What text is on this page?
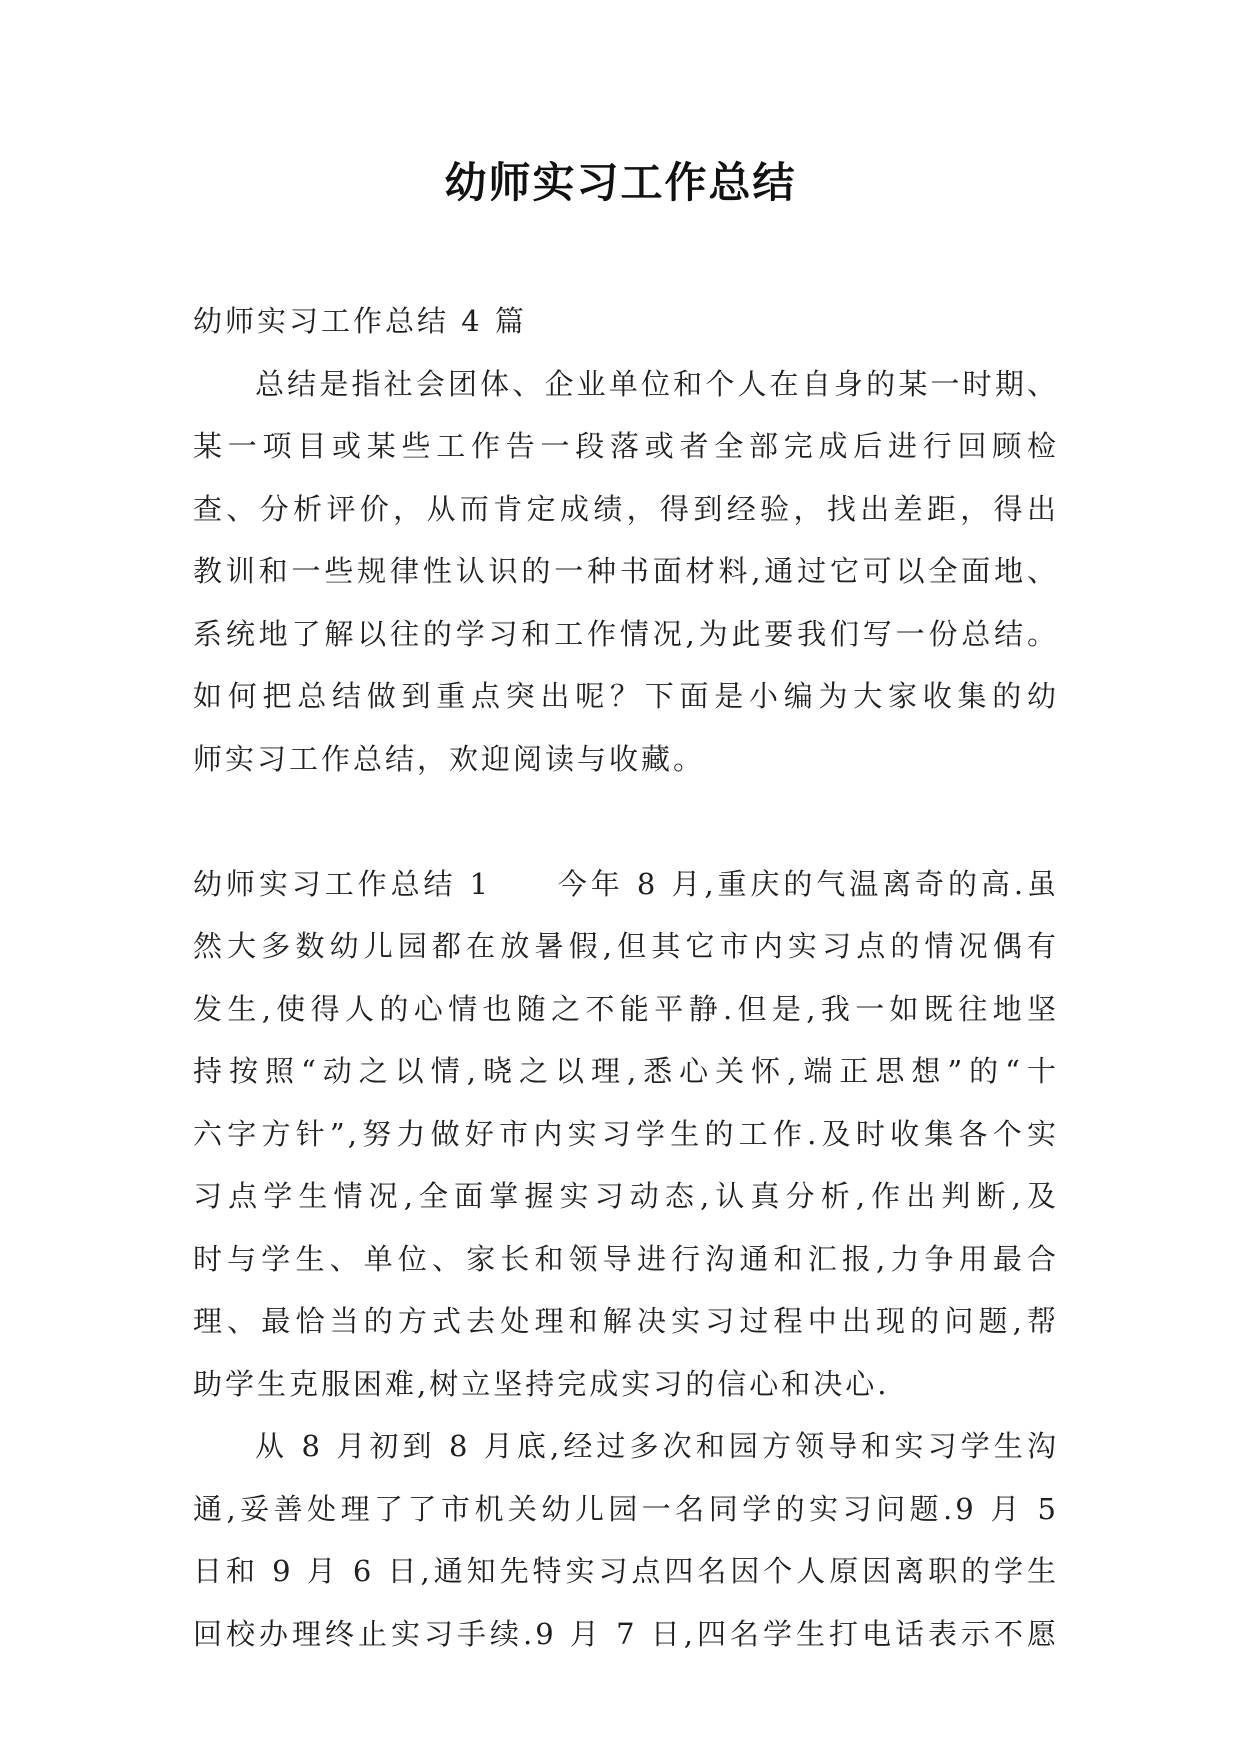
幼师实习工作总结
幼师实习工作总结 4 篇
总结是指社会团体、企业单位和个人在自身的某一时期、
某一项目或某些工作告一段落或者全部完成后进行回顾检
查、分析评价，从而肯定成绩，得到经验，找出差距，得出
教训和一些规律性认识的一种书面材料,通过它可以全面地、
系统地了解以往的学习和工作情况,为此要我们写一份总结。
如何把总结做到重点突出呢？下面是小编为大家收集的幼
师实习工作总结，欢迎阅读与收藏。
幼师实习工作总结 1　　今年 8 月,重庆的气温离奇的高.虽
然大多数幼儿园都在放暑假,但其它市内实习点的情况偶有
发生,使得人的心情也随之不能平静.但是,我一如既往地坚
持按照“动之以情,晓之以理,悉心关怀,端正思想”的“十
六字方针”,努力做好市内实习学生的工作.及时收集各个实
习点学生情况,全面掌握实习动态,认真分析,作出判断,及
时与学生、单位、家长和领导进行沟通和汇报,力争用最合
理、最恰当的方式去处理和解决实习过程中出现的问题,帮
助学生克服困难,树立坚持完成实习的信心和决心.
从 8 月初到 8 月底,经过多次和园方领导和实习学生沟
通,妥善处理了了市机关幼儿园一名同学的实习问题.9 月 5
日和 9 月 6 日,通知先特实习点四名因个人原因离职的学生
回校办理终止实习手续.9 月 7 日,四名学生打电话表示不愿
